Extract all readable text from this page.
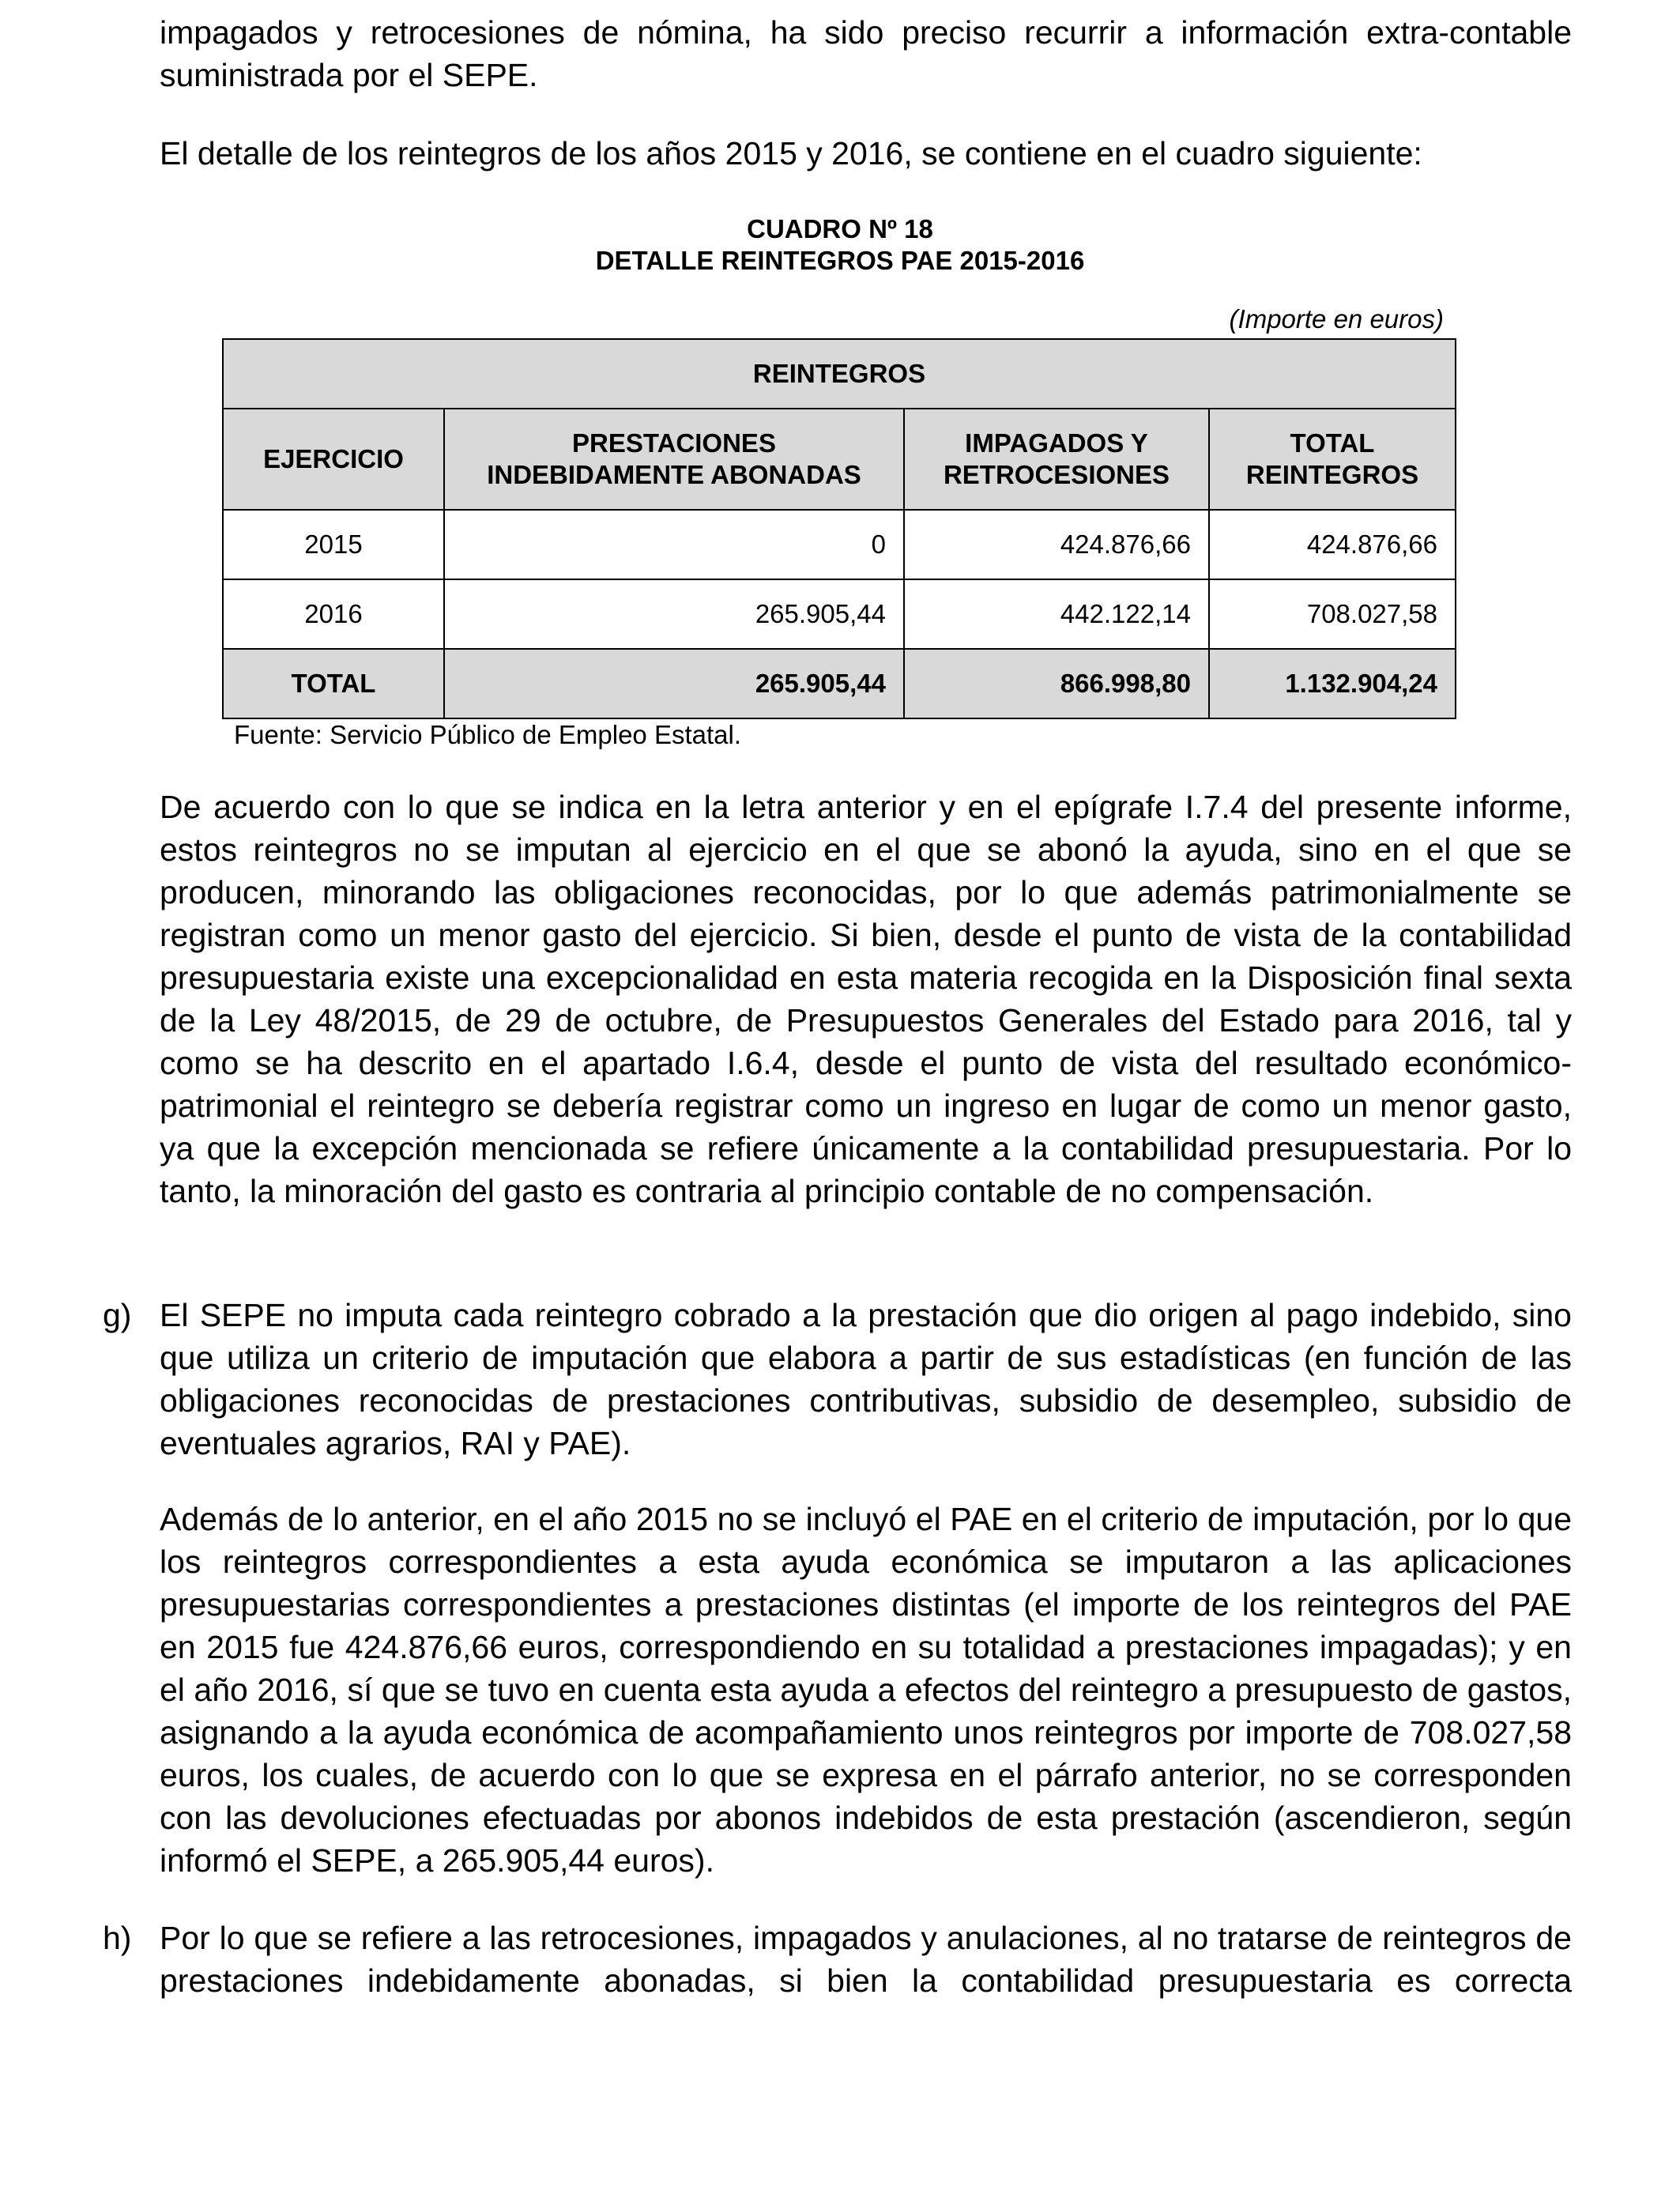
impagados y retrocesiones de nómina, ha sido preciso recurrir a información extra-contable suministrada por el SEPE.

El detalle de los reintegros de los años 2015 y 2016, se contiene en el cuadro siguiente:

CUADRO Nº 18
DETALLE REINTEGROS PAE 2015-2016
(Importe en euros)
REINTEGROS			
EJERCICIO	PRESTACIONES INDEBIDAMENTE ABONADAS	IMPAGADOS Y RETROCESIONES	TOTAL REINTEGROS
2015	0	424.876,66	424.876,66
2016	265.905,44	442.122,14	708.027,58
TOTAL	265.905,44	866.998,80	1.132.904,24
Fuente: Servicio Público de Empleo Estatal.

De acuerdo con lo que se indica en la letra anterior y en el epígrafe I.7.4 del presente informe, estos reintegros no se imputan al ejercicio en el que se abonó la ayuda, sino en el que se producen, minorando las obligaciones reconocidas, por lo que además patrimonialmente se registran como un menor gasto del ejercicio. Si bien, desde el punto de vista de la contabilidad presupuestaria existe una excepcionalidad en esta materia recogida en la Disposición final sexta de la Ley 48/2015, de 29 de octubre, de Presupuestos Generales del Estado para 2016, tal y como se ha descrito en el apartado I.6.4, desde el punto de vista del resultado económico-patrimonial el reintegro se debería registrar como un ingreso en lugar de como un menor gasto, ya que la excepción mencionada se refiere únicamente a la contabilidad presupuestaria. Por lo tanto, la minoración del gasto es contraria al principio contable de no compensación.

g) El SEPE no imputa cada reintegro cobrado a la prestación que dio origen al pago indebido, sino que utiliza un criterio de imputación que elabora a partir de sus estadísticas (en función de las obligaciones reconocidas de prestaciones contributivas, subsidio de desempleo, subsidio de eventuales agrarios, RAI y PAE).

Además de lo anterior, en el año 2015 no se incluyó el PAE en el criterio de imputación, por lo que los reintegros correspondientes a esta ayuda económica se imputaron a las aplicaciones presupuestarias correspondientes a prestaciones distintas (el importe de los reintegros del PAE en 2015 fue 424.876,66 euros, correspondiendo en su totalidad a prestaciones impagadas); y en el año 2016, sí que se tuvo en cuenta esta ayuda a efectos del reintegro a presupuesto de gastos, asignando a la ayuda económica de acompañamiento unos reintegros por importe de 708.027,58 euros, los cuales, de acuerdo con lo que se expresa en el párrafo anterior, no se corresponden con las devoluciones efectuadas por abonos indebidos de esta prestación (ascendieron, según informó el SEPE, a 265.905,44 euros).

h) Por lo que se refiere a las retrocesiones, impagados y anulaciones, al no tratarse de reintegros de prestaciones indebidamente abonadas, si bien la contabilidad presupuestaria es correcta
